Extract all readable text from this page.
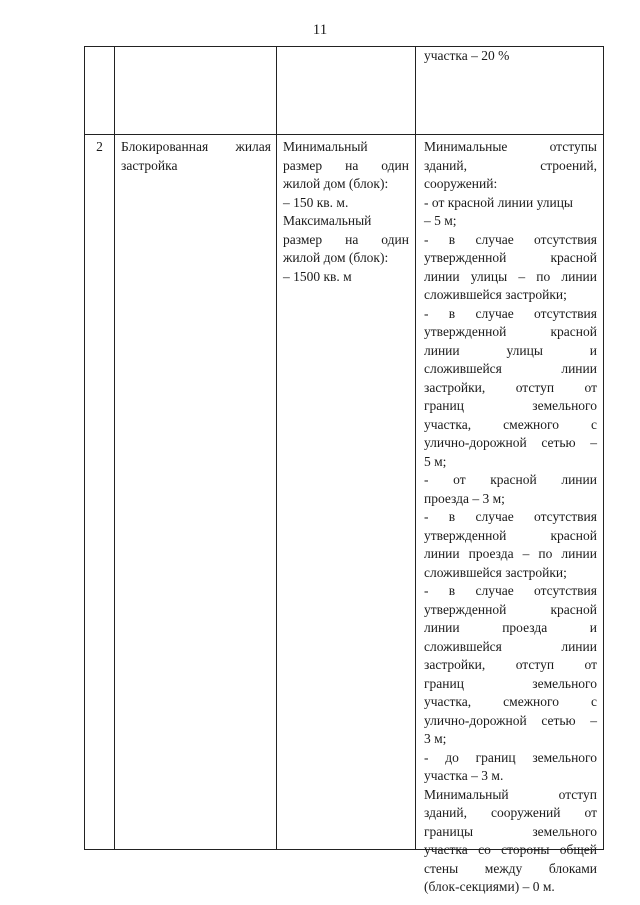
11
участка – 20 %
2	Блокированная жилая
застройка
Минимальный
размер на один
жилой дом (блок):
– 150 кв. м.
Максимальный
размер на один
жилой дом (блок):
– 1500 кв. м
Минимальные отступы
зданий, строений,
сооружений:
- от красной линии улицы
– 5 м;
- в случае отсутствия
утвержденной красной
линии улицы – по линии
сложившейся застройки;
- в случае отсутствия
утвержденной красной
линии улицы и
сложившейся линии
застройки, отступ от
границ земельного
участка, смежного с
улично-дорожной сетью –
5 м;
- от красной линии
проезда – 3 м;
- в случае отсутствия
утвержденной красной
линии проезда – по линии
сложившейся застройки;
- в случае отсутствия
утвержденной красной
линии проезда и
сложившейся линии
застройки, отступ от
границ земельного
участка, смежного с
улично-дорожной сетью –
3 м;
- до границ земельного
участка – 3 м.
Минимальный отступ
зданий, сооружений от
границы земельного
участка со стороны общей
стены между блоками
(блок-секциями) – 0 м.
